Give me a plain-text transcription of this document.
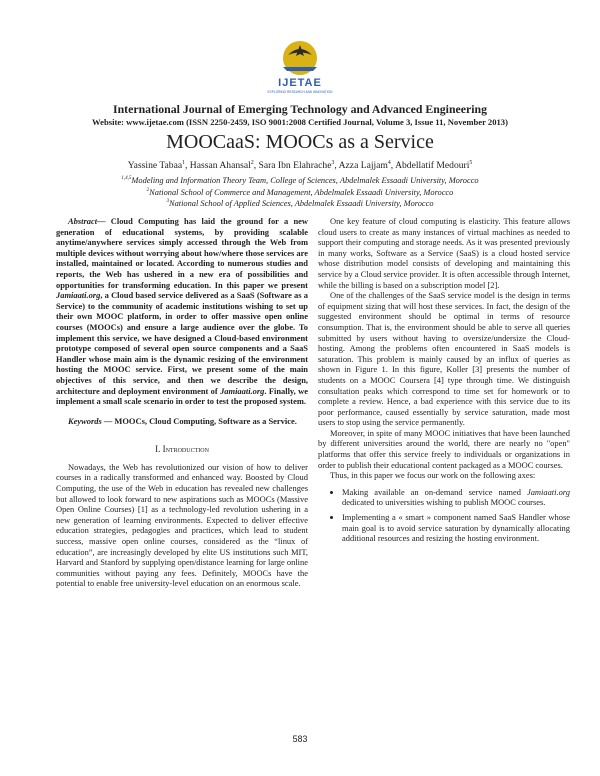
IJETAE
EXPLORING RESEARCH AND INNOVATION
International Journal of Emerging Technology and Advanced Engineering
Website: www.ijetae.com (ISSN 2250-2459, ISO 9001:2008 Certified Journal, Volume 3, Issue 11, November 2013)
MOOCaaS: MOOCs as a Service
Yassine Tabaa$^1$, Hassan Ahansal$^2$, Sara Ibn Elahrache$^3$, Azza Lajjam$^4$, Abdellatif Medouri$^5$
$^{1,4,5}$Modeling and Information Theory Team, College of Sciences, Abdelmalek Essaadi University, Morocco
$^2$National School of Commerce and Management, Abdelmalek Essaadi University, Morocco
$^3$National School of Applied Sciences, Abdelmalek Essaadi University, Morocco

Abstract— Cloud Computing has laid the ground for a new generation of educational systems, by providing scalable anytime/anywhere services simply accessed through the Web from multiple devices without worrying about how/where those services are installed, maintained or located. According to numerous studies and reports, the Web has ushered in a new era of possibilities and opportunities for transforming education. In this paper we present Jamiaati.org, a Cloud based service delivered as a SaaS (Software as a Service) to the community of academic institutions wishing to set up their own MOOC platform, in order to offer massive open online courses (MOOCs) and ensure a large audience over the globe. To implement this service, we have designed a Cloud-based environment prototype composed of several open source components and a SaaS Handler whose main aim is the dynamic resizing of the environment hosting the MOOC service. First, we present some of the main objectives of this service, and then we describe the design, architecture and deployment environment of Jamiaati.org. Finally, we implement a small scale scenario in order to test the proposed system.

Keywords — MOOCs, Cloud Computing, Software as a Service.

I. Introduction

Nowadays, the Web has revolutionized our vision of how to deliver courses in a radically transformed and enhanced way. Boosted by Cloud Computing, the use of the Web in education has revealed new challenges but allowed to look forward to new aspirations such as MOOCs (Massive Open Online Courses) [1] as a technology-led revolution ushering in a new generation of learning environments. Expected to deliver effective education strategies, pedagogies and practices, which lead to student success, massive open online courses, considered as the “linux of education”, are increasingly developed by elite US institutions such MIT, Harvard and Stanford by supplying open/distance learning for large online communities without paying any fees. Definitely, MOOCs have the potential to enable free university-level education on an enormous scale.

One key feature of cloud computing is elasticity. This feature allows cloud users to create as many instances of virtual machines as needed to support their computing and storage needs. As it was presented previously in many works, Software as a Service (SaaS) is a cloud hosted service whose distribution model consists of developing and maintaining this service by a Cloud service provider. It is often accessible through Internet, while the billing is based on a subscription model [2].

One of the challenges of the SaaS service model is the design in terms of equipment sizing that will host these services. In fact, the design of the suggested environment should be optimal in terms of resource consumption. That is, the environment should be able to serve all queries submitted by users without having to oversize/undersize the Cloud-hosting. Among the problems often encountered in SaaS models is saturation. This problem is mainly caused by an influx of queries as shown in Figure 1. In this figure, Koller [3] presents the number of students on a MOOC Coursera [4] type through time. We distinguish consultation peaks which correspond to time set for homework or to complete a review. Hence, a bad experience with this service due to its poor performance, caused essentially by service saturation, made most users to stop using the service permanently.

Moreover, in spite of many MOOC initiatives that have been launched by different universities around the world, there are nearly no "open" platforms that offer this service freely to individuals or organizations in order to publish their educational content packaged as a MOOC courses.

Thus, in this paper we focus our work on the following axes:

• Making available an on-demand service named Jamiaati.org dedicated to universities wishing to publish MOOC courses.
• Implementing a « smart » component named SaaS Handler whose main goal is to avoid service saturation by dynamically allocating additional resources and resizing the hosting environment.
583
